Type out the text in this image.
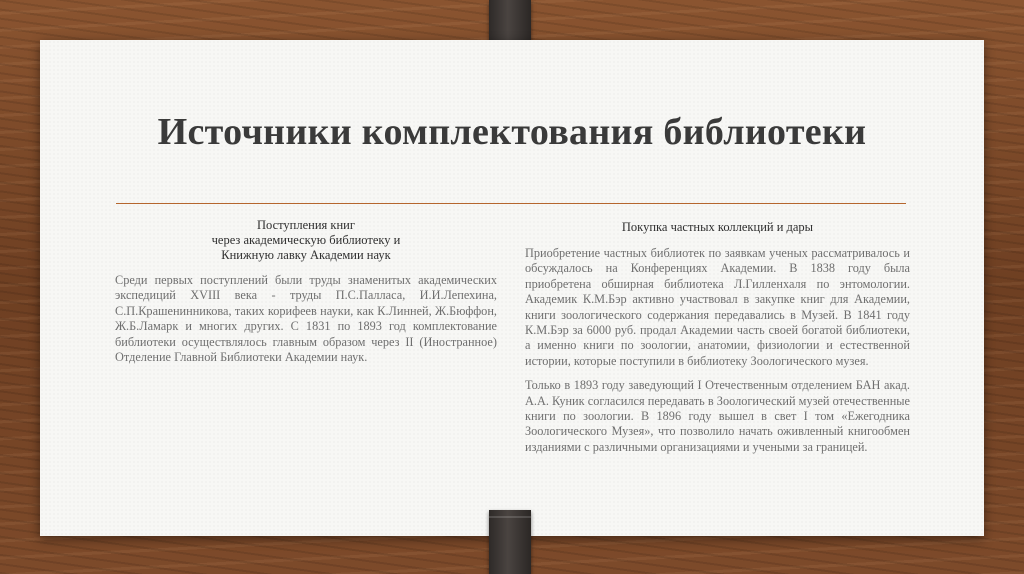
Источники комплектования библиотеки
Поступления книг
через академическую библиотеку и
Книжную лавку Академии наук

Среди первых поступлений были труды знаменитых академических экспедиций XVIII века - труды П.С.Палласа, И.И.Лепехина, С.П.Крашенинникова, таких корифеев науки, как К.Линней, Ж.Бюффон, Ж.Б.Ламарк и многих других. С 1831 по 1893 год комплектование библиотеки осуществлялось главным образом через II (Иностранное) Отделение Главной Библиотеки Академии наук.

Покупка частных коллекций и дары

Приобретение частных библиотек по заявкам ученых рассматривалось и обсуждалось на Конференциях Академии. В 1838 году была приобретена обширная библиотека Л.Гилленхаля по энтомологии. Академик К.М.Бэр активно участвовал в закупке книг для Академии, книги зоологического содержания передавались в Музей. В 1841 году К.М.Бэр за 6000 руб. продал Академии часть своей богатой библиотеки, а именно книги по зоологии, анатомии, физиологии и естественной истории, которые поступили в библиотеку Зоологического музея.

Только в 1893 году заведующий I Отечественным отделением БАН акад. А.А. Куник согласился передавать в Зоологический музей отечественные книги по зоологии. В 1896 году вышел в свет I том «Ежегодника Зоологического Музея», что позволило начать оживленный книгообмен изданиями с различными организациями и учеными за границей.
